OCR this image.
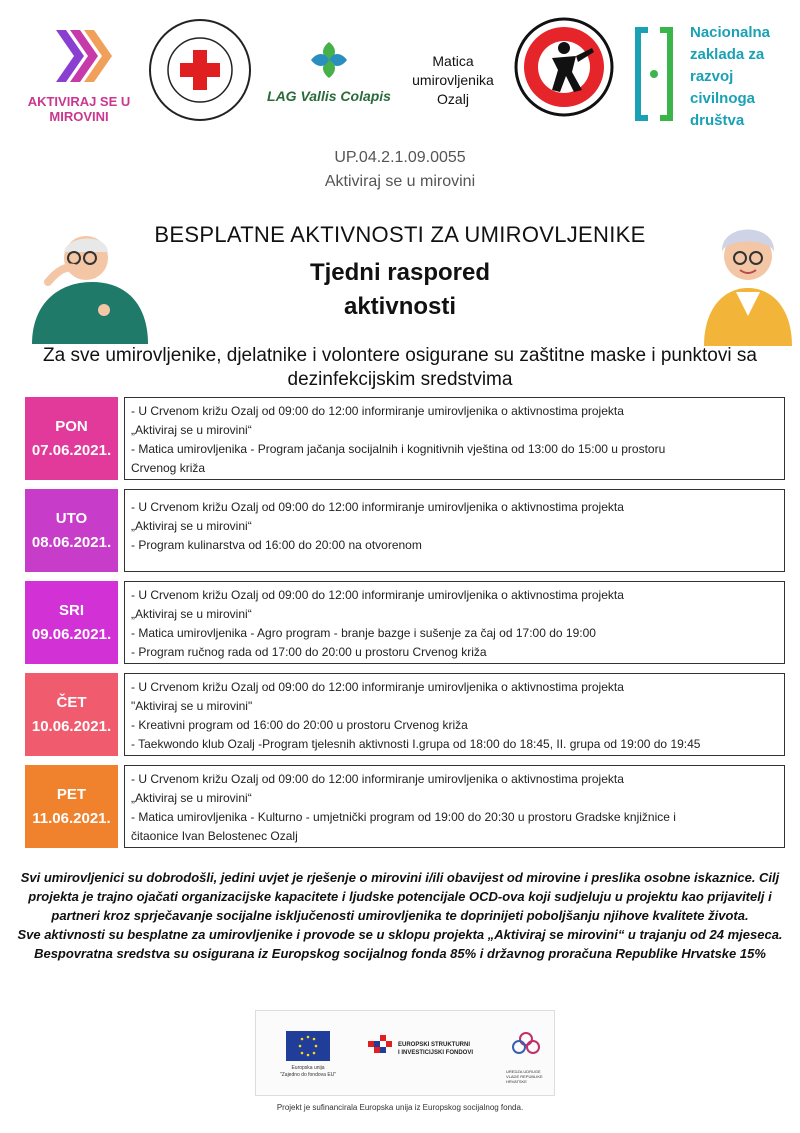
AKTIVIRAJ SE U MIROVINI
LAG Vallis Colapis
Matica
umirovljenika
Ozalj
Nacionalna
zaklada za
razvoj
civilnoga
društva
UP.04.2.1.09.0055
Aktiviraj se u mirovini
BESPLATNE AKTIVNOSTI ZA UMIROVLJENIKE
Tjedni raspored
aktivnosti
Za sve umirovljenike, djelatnike i volontere osigurane su zaštitne maske i punktovi sa dezinfekcijskim sredstvima
PON
07.06.2021.
- U Crvenom križu Ozalj od 09:00 do 12:00 informiranje umirovljenika o aktivnostima projekta
„Aktiviraj se u mirovini“
- Matica umirovljenika - Program jačanja socijalnih i kognitivnih vještina od 13:00 do 15:00 u prostoru
Crvenog križa
UTO
08.06.2021.
- U Crvenom križu Ozalj od 09:00 do 12:00 informiranje umirovljenika o aktivnostima projekta
„Aktiviraj se u mirovini“
- Program kulinarstva od 16:00 do 20:00 na otvorenom
SRI
09.06.2021.
- U Crvenom križu Ozalj od 09:00 do 12:00 informiranje umirovljenika o aktivnostima projekta
„Aktiviraj se u mirovini“
- Matica umirovljenika - Agro program - branje bazge i sušenje za čaj od 17:00 do 19:00
- Program ručnog rada od 17:00 do 20:00 u prostoru Crvenog križa
ČET
10.06.2021.
- U Crvenom križu Ozalj od 09:00 do 12:00 informiranje umirovljenika o aktivnostima projekta
"Aktiviraj se u mirovini"
- Kreativni program od 16:00 do 20:00 u prostoru Crvenog križa
- Taekwondo klub Ozalj -Program tjelesnih aktivnosti I.grupa od 18:00 do 18:45, II. grupa od 19:00 do 19:45
PET
11.06.2021.
- U Crvenom križu Ozalj od 09:00 do 12:00 informiranje umirovljenika o aktivnostima projekta
„Aktiviraj se u mirovini“
- Matica umirovljenika - Kulturno - umjetnički program od 19:00 do 20:30 u prostoru Gradske knjižnice i
čitaonice Ivan Belostenec Ozalj
Svi umirovljenici su dobrodošli, jedini uvjet je rješenje o mirovini i/ili obavijest od mirovine i preslika osobne iskaznice. Cilj projekta je trajno ojačati organizacijske kapacitete i ljudske potencijale OCD-ova koji sudjeluju u projektu kao prijavitelj i partneri kroz sprječavanje socijalne isključenosti umirovljenika te doprinijeti poboljšanju njihove kvalitete života.
Sve aktivnosti su besplatne za umirovljenike i provode se u sklopu projekta „Aktiviraj se mirovini“ u trajanju od 24 mjeseca. Bespovratna sredstva su osigurana iz Europskog socijalnog fonda 85% i državnog proračuna Republike Hrvatske 15%
Europska unija
"Zajedno do fondova EU"
EUROPSKI STRUKTURNI
I INVESTICIJSKI FONDOVI
UREDZA UDRUGE VLADE REPUBLIKE HRVATSKE
Projekt je sufinancirala Europska unija iz Europskog socijalnog fonda.
